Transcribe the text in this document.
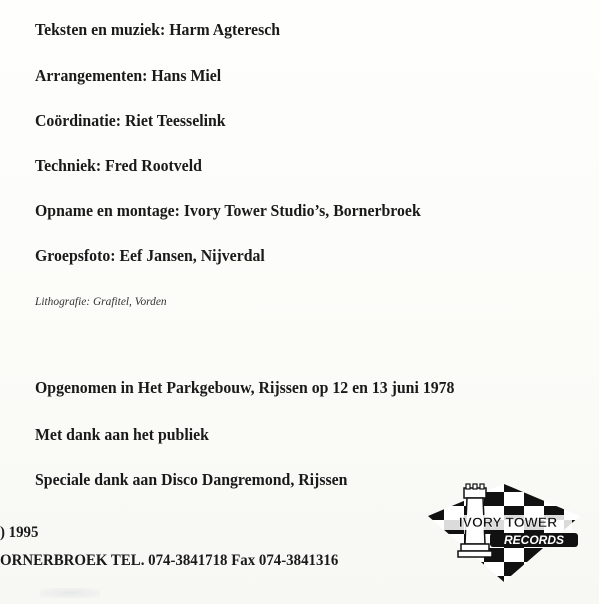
Teksten en muziek: Harm Agteresch
Arrangementen: Hans Miel
Coördinatie: Riet Teesselink
Techniek: Fred Rootveld
Opname en montage: Ivory Tower Studio’s, Bornerbroek
Groepsfoto: Eef Jansen, Nijverdal
Lithografie: Grafitel, Vorden
Opgenomen in Het Parkgebouw, Rijssen op 12 en 13 juni 1978
Met dank aan het publiek
Speciale dank aan Disco Dangremond, Rijssen
) 1995
ORNERBROEK TEL. 074-3841718 Fax 074-3841316
IVORY TOWER
RECORDS
